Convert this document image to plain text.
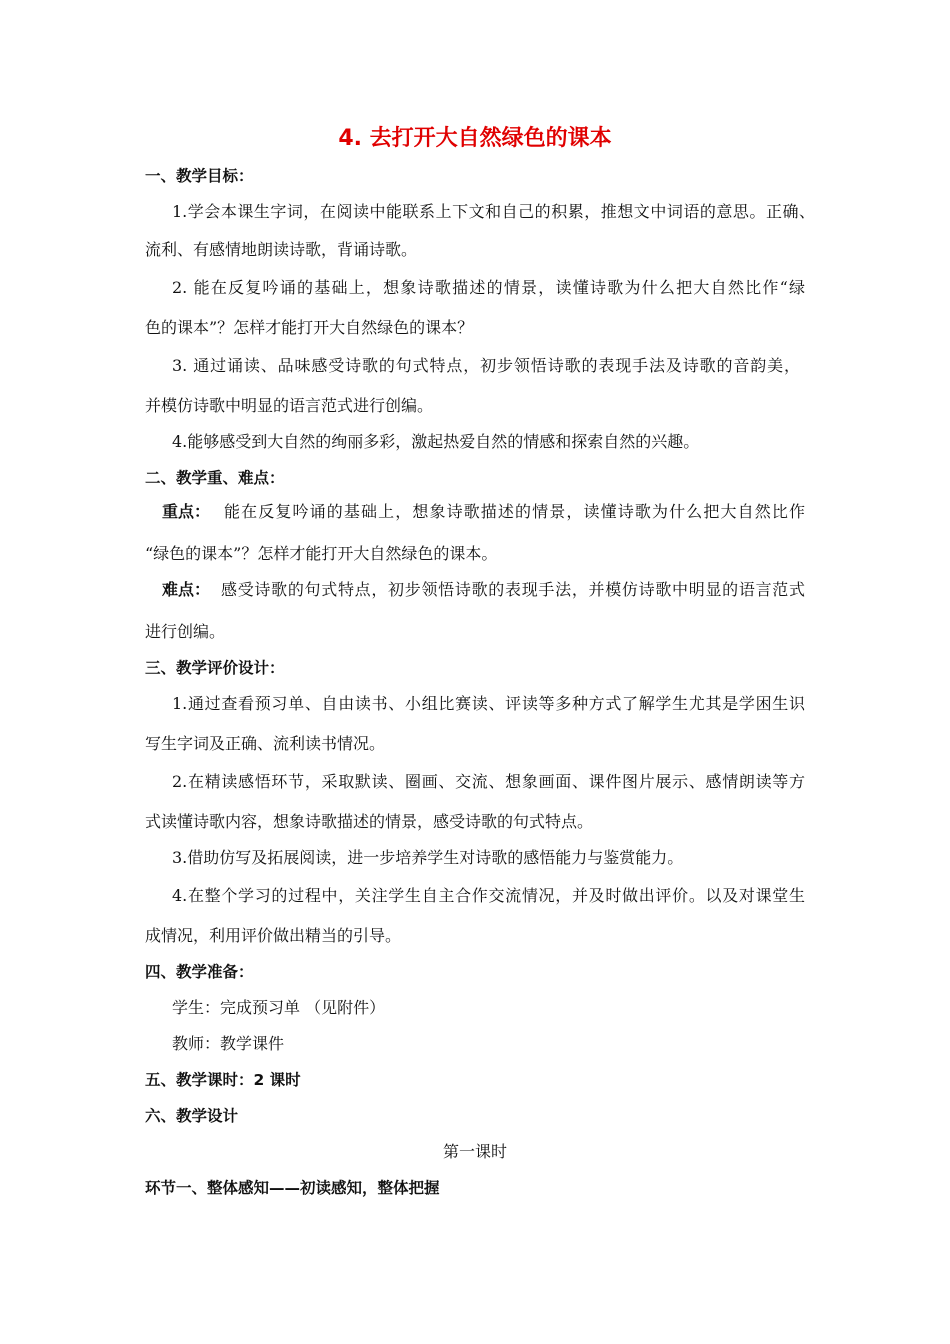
4. 去打开大自然绿色的课本
一、教学目标：
1.学会本课生字词，在阅读中能联系上下文和自己的积累，推想文中词语的意思。正确、
流利、有感情地朗读诗歌，背诵诗歌。
2. 能在反复吟诵的基础上，想象诗歌描述的情景，读懂诗歌为什么把大自然比作“绿
色的课本”？怎样才能打开大自然绿色的课本？
3. 通过诵读、品味感受诗歌的句式特点，初步领悟诗歌的表现手法及诗歌的音韵美，
并模仿诗歌中明显的语言范式进行创编。
4.能够感受到大自然的绚丽多彩，激起热爱自然的情感和探索自然的兴趣。
二、教学重、难点：
重点： 能在反复吟诵的基础上，想象诗歌描述的情景，读懂诗歌为什么把大自然比作
“绿色的课本”？怎样才能打开大自然绿色的课本。
难点： 感受诗歌的句式特点，初步领悟诗歌的表现手法，并模仿诗歌中明显的语言范式
进行创编。
三、教学评价设计：
1.通过查看预习单、自由读书、小组比赛读、评读等多种方式了解学生尤其是学困生识
写生字词及正确、流利读书情况。
2.在精读感悟环节，采取默读、圈画、交流、想象画面、课件图片展示、感情朗读等方
式读懂诗歌内容，想象诗歌描述的情景，感受诗歌的句式特点。
3.借助仿写及拓展阅读，进一步培养学生对诗歌的感悟能力与鉴赏能力。
4.在整个学习的过程中，关注学生自主合作交流情况，并及时做出评价。以及对课堂生
成情况，利用评价做出精当的引导。
四、教学准备：
学生：完成预习单 （见附件）
教师：教学课件
五、教学课时：2 课时
六、教学设计
第一课时
环节一、整体感知——初读感知，整体把握
